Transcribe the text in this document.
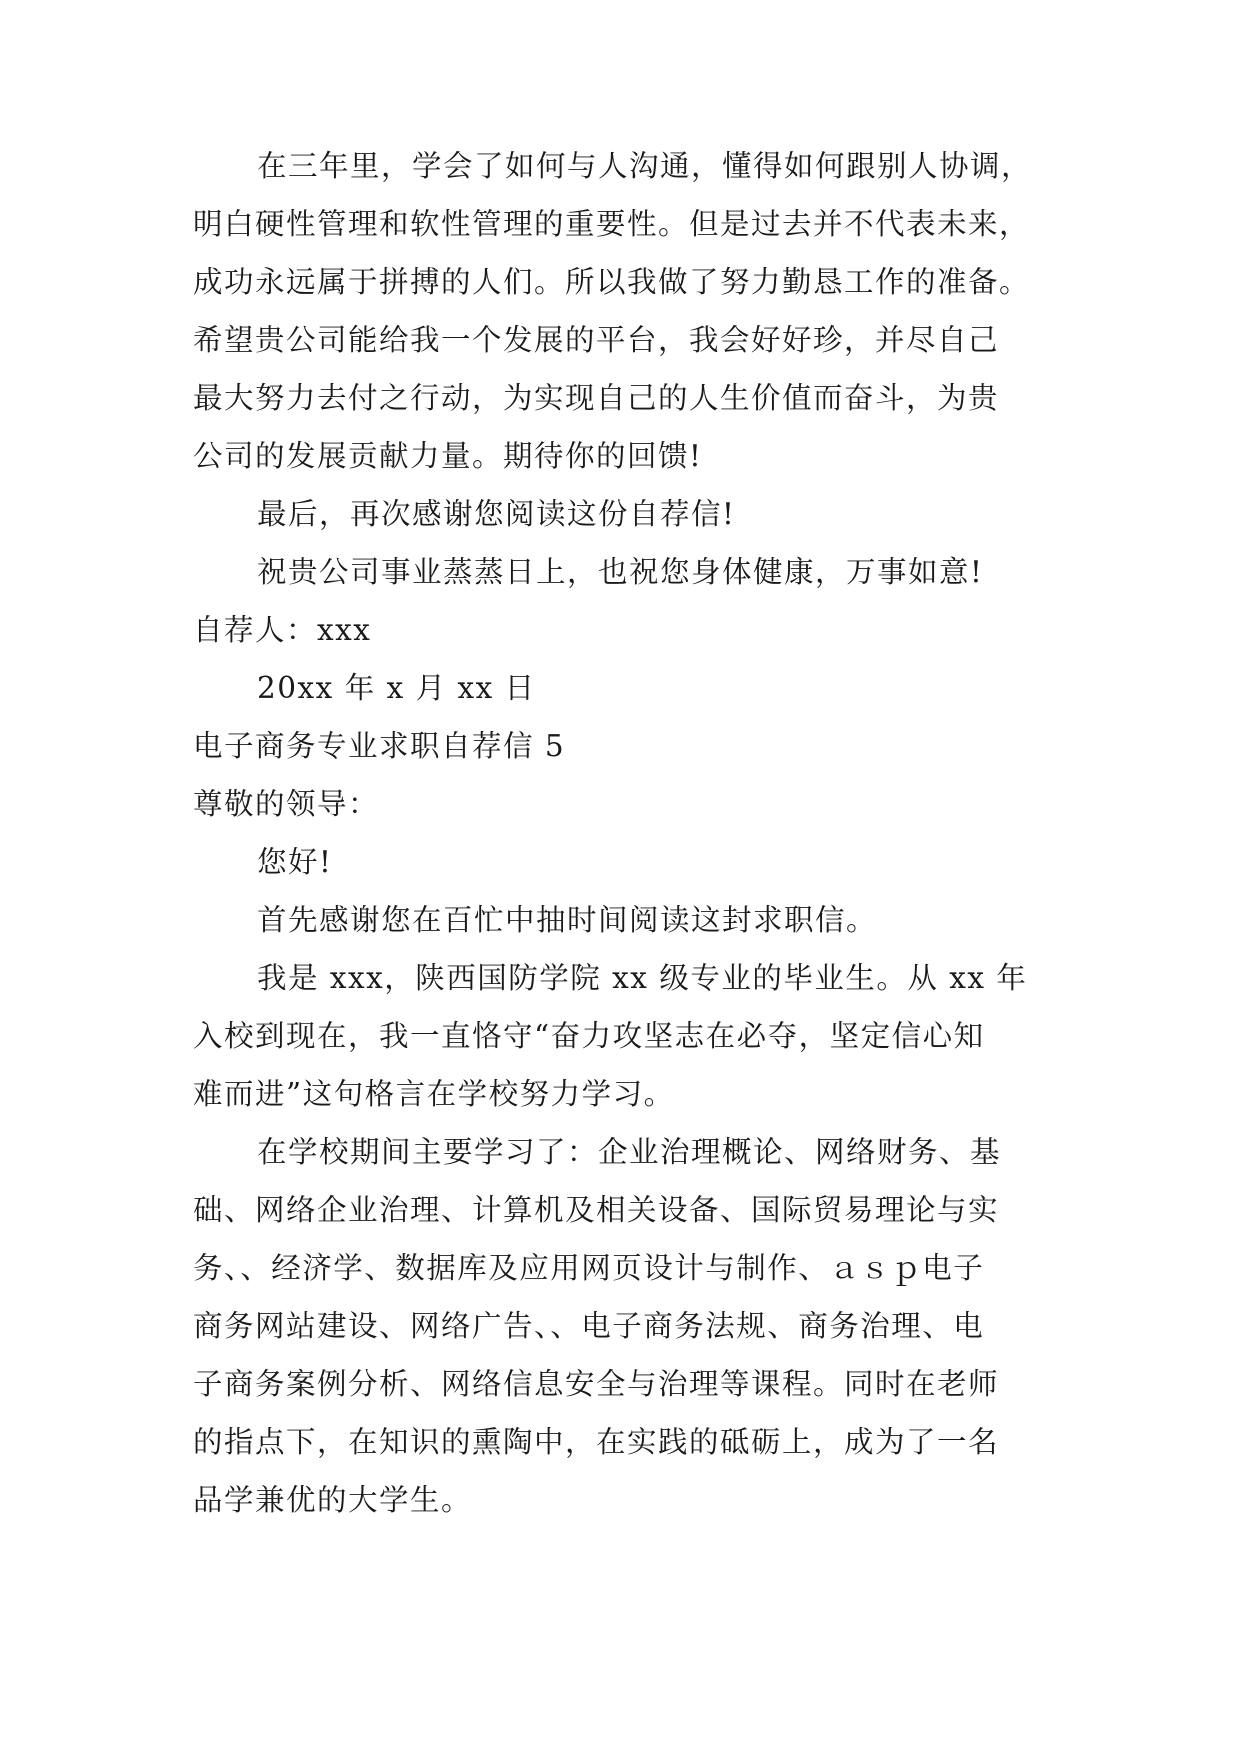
在三年里，学会了如何与人沟通，懂得如何跟别人协调，
明白硬性管理和软性管理的重要性。但是过去并不代表未来，
成功永远属于拼搏的人们。所以我做了努力勤恳工作的准备。
希望贵公司能给我一个发展的平台，我会好好珍，并尽自己
最大努力去付之行动，为实现自己的人生价值而奋斗，为贵
公司的发展贡献力量。期待你的回馈!
最后，再次感谢您阅读这份自荐信!
祝贵公司事业蒸蒸日上，也祝您身体健康，万事如意!
自荐人：xxx
20xx 年 x 月 xx 日
电子商务专业求职自荐信 5
尊敬的领导：
您好!
首先感谢您在百忙中抽时间阅读这封求职信。
我是 xxx，陕西国防学院 xx 级专业的毕业生。从 xx 年
入校到现在，我一直恪守“奋力攻坚志在必夺，坚定信心知
难而进”这句格言在学校努力学习。
在学校期间主要学习了：企业治理概论、网络财务、基
础、网络企业治理、计算机及相关设备、国际贸易理论与实
务、、经济学、数据库及应用网页设计与制作、ａｓｐ电子
商务网站建设、网络广告、、电子商务法规、商务治理、电
子商务案例分析、网络信息安全与治理等课程。同时在老师
的指点下，在知识的熏陶中，在实践的砥砺上，成为了一名
品学兼优的大学生。
